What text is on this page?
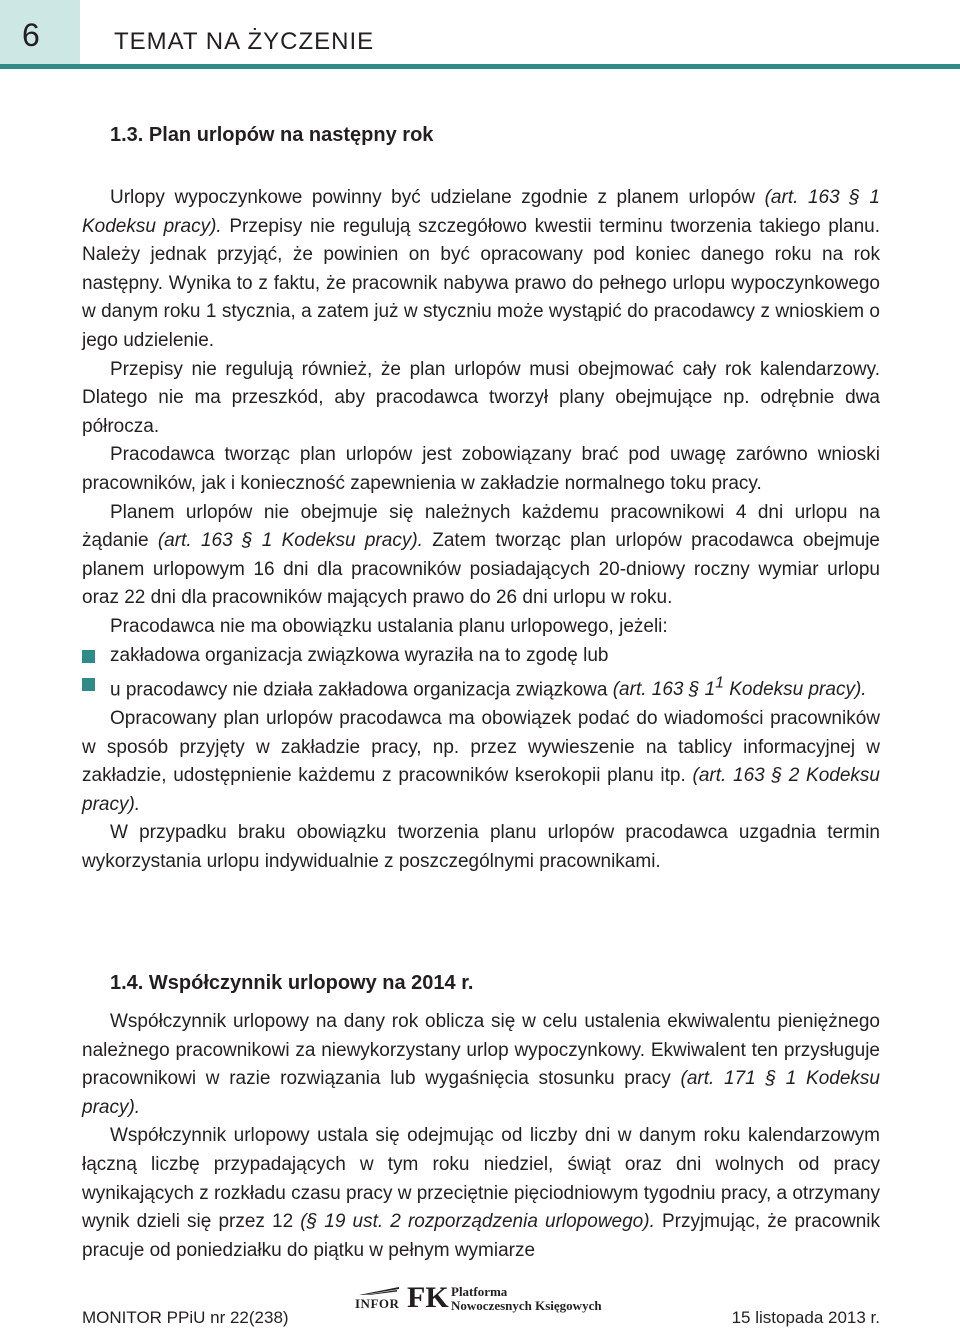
6	TEMAT NA ŻYCZENIE
1.3. Plan urlopów na następny rok

Urlopy wypoczynkowe powinny być udzielane zgodnie z planem urlopów (art. 163 § 1 Kodeksu pracy). Przepisy nie regulują szczegółowo kwestii terminu tworzenia takiego planu. Należy jednak przyjąć, że powinien on być opracowany pod koniec danego roku na rok następny. Wynika to z faktu, że pracownik nabywa prawo do pełnego urlopu wypoczynkowego w danym roku 1 stycznia, a zatem już w styczniu może wystąpić do pracodawcy z wnioskiem o jego udzielenie.

Przepisy nie regulują również, że plan urlopów musi obejmować cały rok kalendarzowy. Dlatego nie ma przeszkód, aby pracodawca tworzył plany obejmujące np. odrębnie dwa półrocza.

Pracodawca tworząc plan urlopów jest zobowiązany brać pod uwagę zarówno wnioski pracowników, jak i konieczność zapewnienia w zakładzie normalnego toku pracy.

Planem urlopów nie obejmuje się należnych każdemu pracownikowi 4 dni urlopu na żądanie (art. 163 § 1 Kodeksu pracy). Zatem tworząc plan urlopów pracodawca obejmuje planem urlopowym 16 dni dla pracowników posiadających 20-dniowy roczny wymiar urlopu oraz 22 dni dla pracowników mających prawo do 26 dni urlopu w roku.

Pracodawca nie ma obowiązku ustalania planu urlopowego, jeżeli:

zakładowa organizacja związkowa wyraziła na to zgodę lub
u pracodawcy nie działa zakładowa organizacja związkowa (art. 163 § $1^1$ Kodeksu pracy).

Opracowany plan urlopów pracodawca ma obowiązek podać do wiadomości pracowników w sposób przyjęty w zakładzie pracy, np. przez wywieszenie na tablicy informacyjnej w zakładzie, udostępnienie każdemu z pracowników kserokopii planu itp. (art. 163 § 2 Kodeksu pracy).

W przypadku braku obowiązku tworzenia planu urlopów pracodawca uzgadnia termin wykorzystania urlopu indywidualnie z poszczególnymi pracownikami.

1.4. Współczynnik urlopowy na 2014 r.

Współczynnik urlopowy na dany rok oblicza się w celu ustalenia ekwiwalentu pieniężnego należnego pracownikowi za niewykorzystany urlop wypoczynkowy. Ekwiwalent ten przysługuje pracownikowi w razie rozwiązania lub wygaśnięcia stosunku pracy (art. 171 § 1 Kodeksu pracy).

Współczynnik urlopowy ustala się odejmując od liczby dni w danym roku kalendarzowym łączną liczbę przypadających w tym roku niedziel, świąt oraz dni wolnych od pracy wynikających z rozkładu czasu pracy w przeciętnie pięciodniowym tygodniu pracy, a otrzymany wynik dzieli się przez 12 (§ 19 ust. 2 rozporządzenia urlopowego). Przyjmując, że pracownik pracuje od poniedziałku do piątku w pełnym wymiarze

MONITOR PPiU nr 22(238)
INFOR FK Platforma
Nowoczesnych Księgowych
15 listopada 2013 r.
